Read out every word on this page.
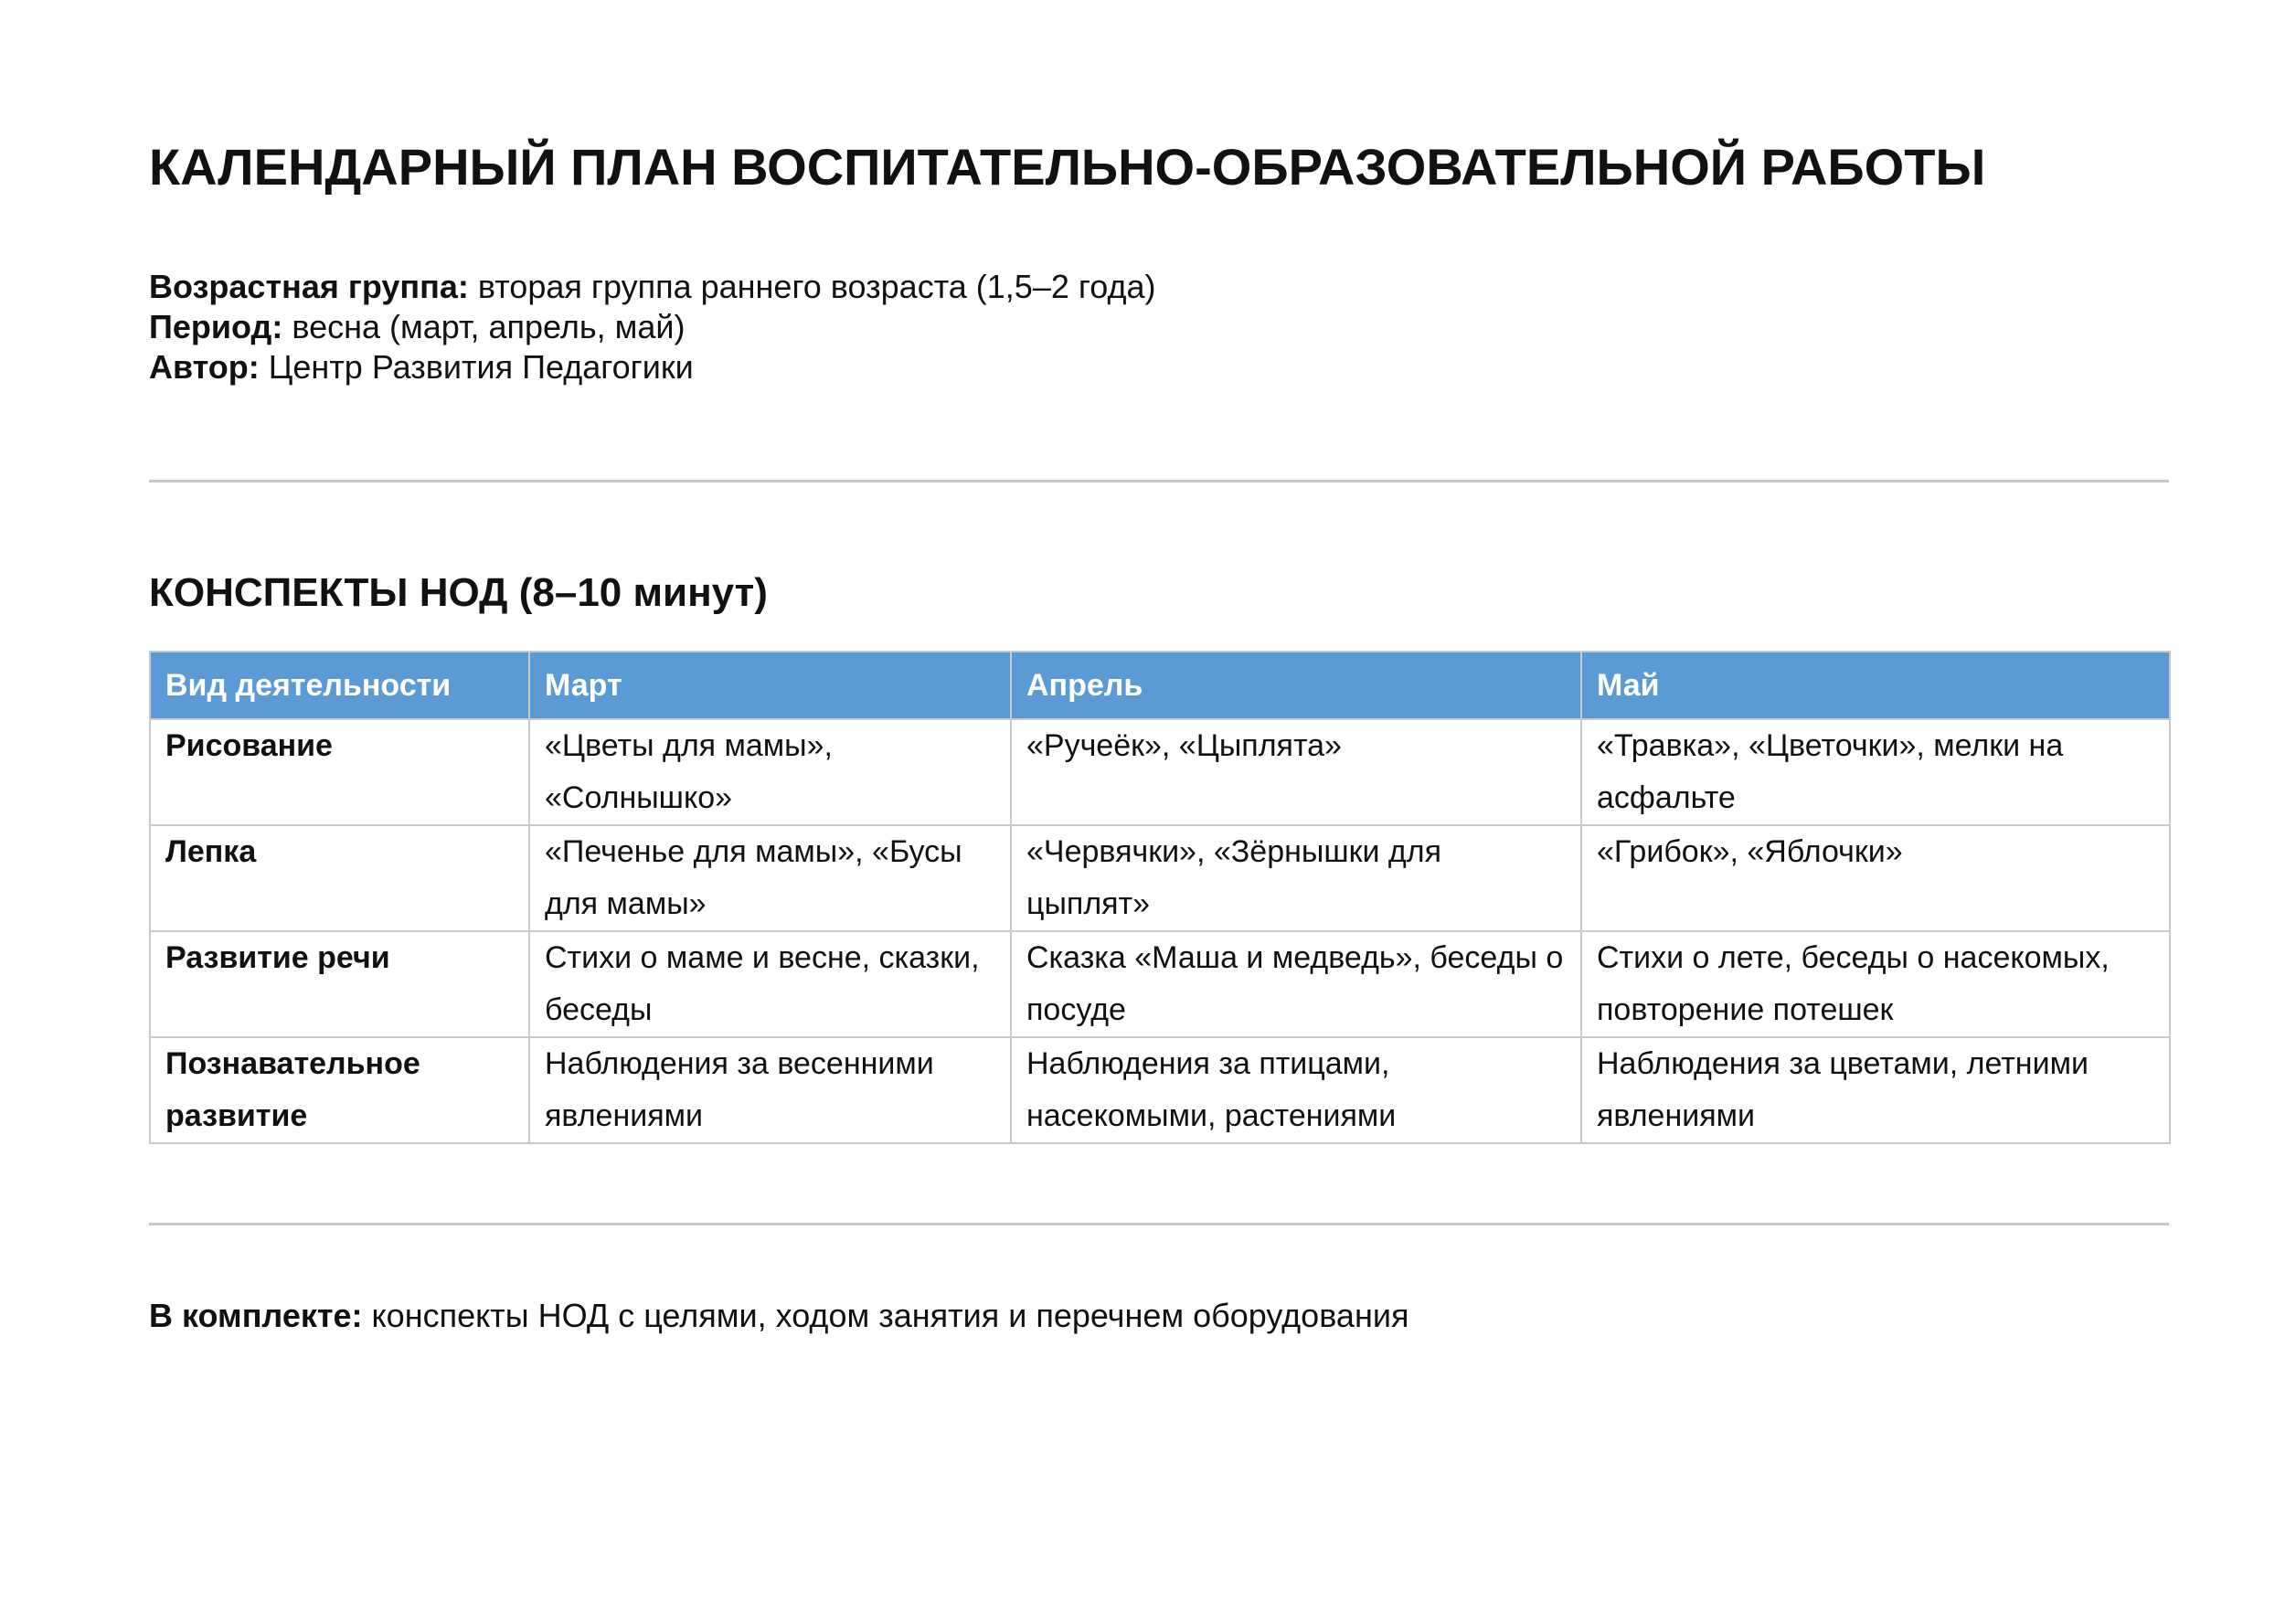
КАЛЕНДАРНЫЙ ПЛАН ВОСПИТАТЕЛЬНО-ОБРАЗОВАТЕЛЬНОЙ РАБОТЫ
Возрастная группа: вторая группа раннего возраста (1,5–2 года)
Период: весна (март, апрель, май)
Автор: Центр Развития Педагогики
КОНСПЕКТЫ НОД (8–10 минут)
Вид деятельности	Март	Апрель	Май
Рисование	«Цветы для мамы», «Солнышко»	«Ручеёк», «Цыплята»	«Травка», «Цветочки», мелки на асфальте
Лепка	«Печенье для мамы», «Бусы для мамы»	«Червячки», «Зёрнышки для цыплят»	«Грибок», «Яблочки»
Развитие речи	Стихи о маме и весне, сказки, беседы	Сказка «Маша и медведь», беседы о посуде	Стихи о лете, беседы о насекомых, повторение потешек
Познавательное развитие	Наблюдения за весенними явлениями	Наблюдения за птицами, насекомыми, растениями	Наблюдения за цветами, летними явлениями
В комплекте: конспекты НОД с целями, ходом занятия и перечнем оборудования
